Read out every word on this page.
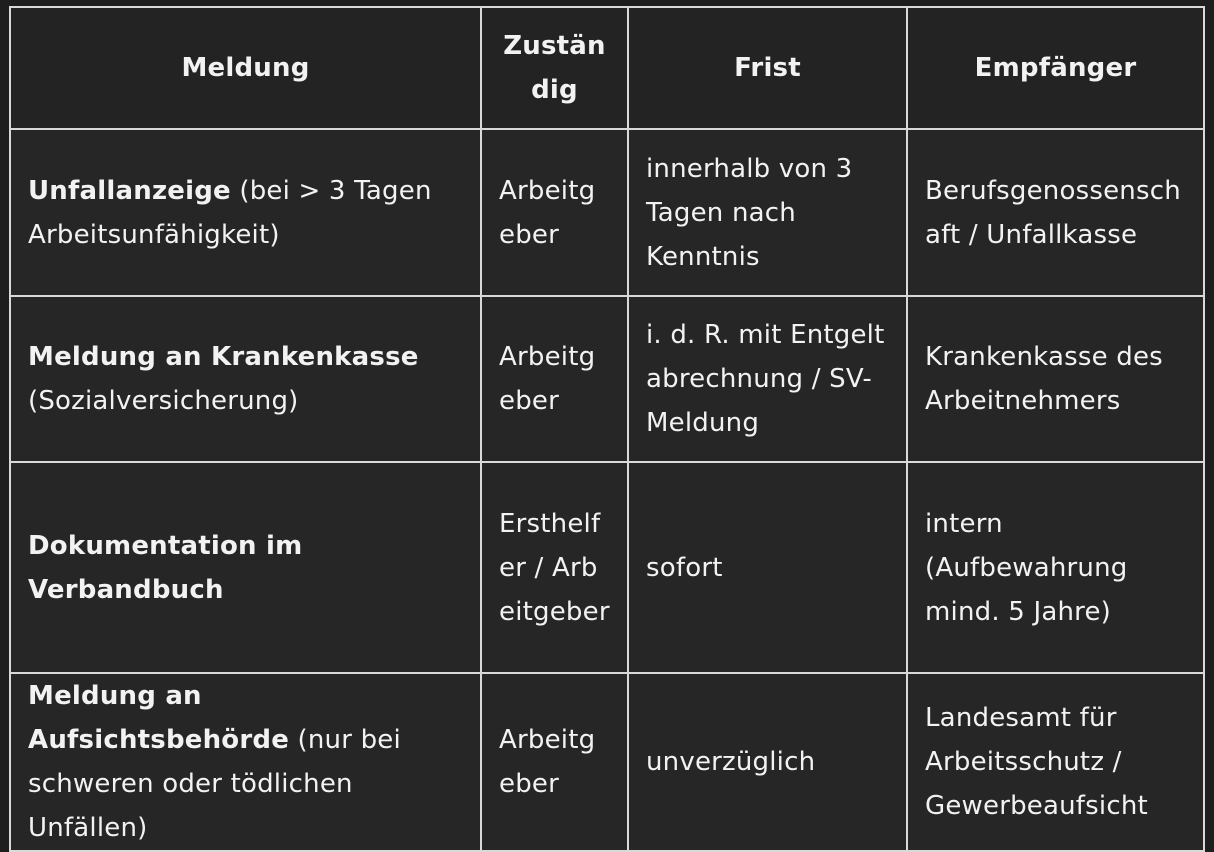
Meldung	Zustän dig	Frist	Empfänger
Unfallanzeige (bei > 3 Tagen Arbeitsunfähigkeit)	Arbeitgeber	innerhalb von 3 Tagen nach Kenntnis	Berufsgenossenschaft / Unfallkasse
Meldung an Krankenkasse (Sozialversicherung)	Arbeitgeber	i. d. R. mit Entgeltabrechnung / SV-Meldung	Krankenkasse des Arbeitnehmers
Dokumentation im Verbandbuch	Ersthelfer / Arbeitgeber	sofort	intern (Aufbewahrung mind. 5 Jahre)
Meldung an Aufsichtsbehörde (nur bei schweren oder tödlichen Unfällen)	Arbeitgeber	unverzüglich	Landesamt für Arbeitsschutz / Gewerbeaufsicht
